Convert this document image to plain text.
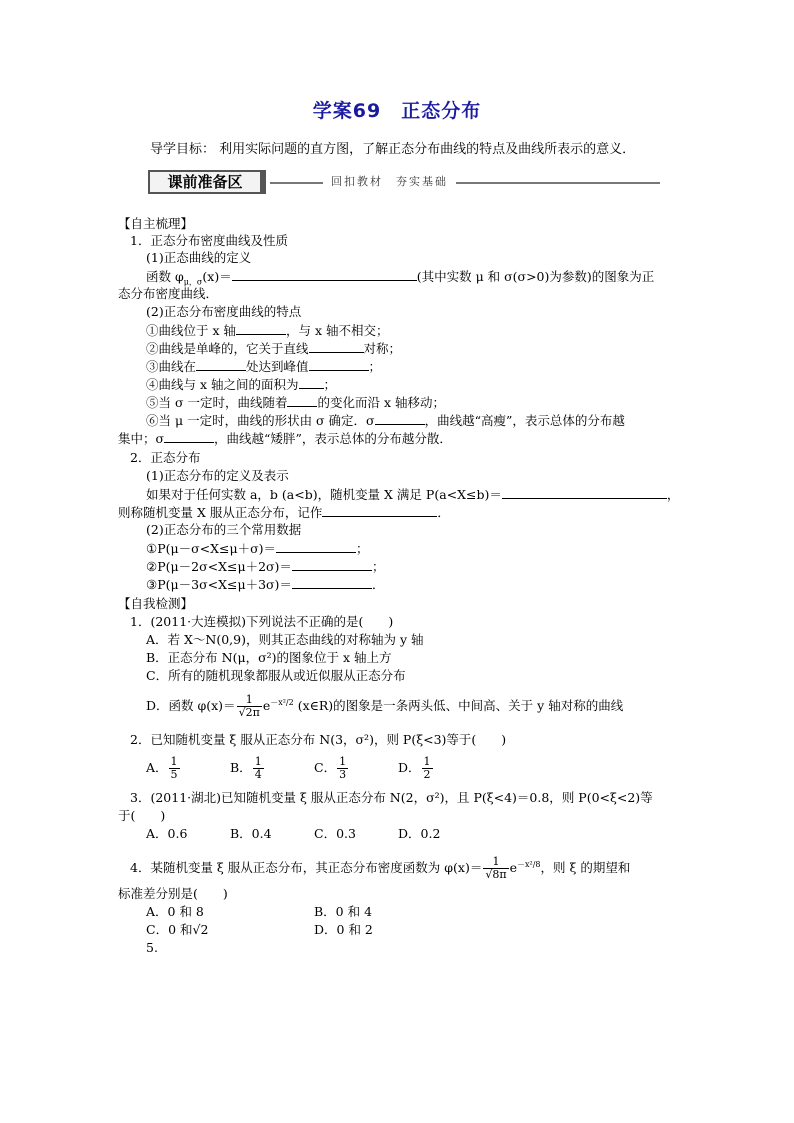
学案69　正态分布
导学目标： 利用实际问题的直方图，了解正态分布曲线的特点及曲线所表示的意义．
课前准备区	回扣教材　夯实基础
【自主梳理】
1．正态分布密度曲线及性质
(1)正态曲线的定义
函数 $\varphi_{\mu,\sigma}(x)=$	(其中实数 μ 和 σ(σ>0)为参数)的图象为正
态分布密度曲线．
(2)正态分布密度曲线的特点
①曲线位于 x 轴	，与 x 轴不相交；
②曲线是单峰的，它关于直线	对称；
③曲线在	处达到峰值	；
④曲线与 x 轴之间的面积为 ；
⑤当 σ 一定时，曲线随着 的变化而沿 x 轴移动；
⑥当 μ 一定时，曲线的形状由 σ 确定．σ	，曲线越“高瘦”，表示总体的分布越
集中；σ	，曲线越“矮胖”，表示总体的分布越分散．
2．正态分布
(1)正态分布的定义及表示
如果对于任何实数 a，b (a<b)，随机变量 X 满足 P(a<X≤b)＝	，
则称随机变量 X 服从正态分布，记作	．
(2)正态分布的三个常用数据
①P(μ－σ<X≤μ＋σ)＝	；
②P(μ－2σ<X≤μ＋2σ)＝	；
③P(μ－3σ<X≤μ＋3σ)＝	．
【自我检测】
1．(2011·大连模拟)下列说法不正确的是(　　)
A．若 X～N(0,9)，则其正态曲线的对称轴为 y 轴
B．正态分布 N(μ，σ²)的图象位于 x 轴上方
C．所有的随机现象都服从或近似服从正态分布
D．函数 $\varphi(x)= \frac{1}{√2\pi} e^{-x^2/2}$ (x∈R)的图象是一条两头低、中间高、关于 y 轴对称的曲线
2．已知随机变量 ξ 服从正态分布 N(3，σ²)，则 P(ξ<3)等于(　　)
A． $\frac{1}{5}$	B． $\frac{1}{4}$	C． $\frac{1}{3}$	D． $\frac{1}{2}$
3．(2011·湖北)已知随机变量 ξ 服从正态分布 N(2，σ²)，且 P(ξ<4)＝0.8，则 P(0<ξ<2)等
于(　　)
A．0.6	B．0.4	C．0.3	D．0.2
4．某随机变量 ξ 服从正态分布，其正态分布密度函数为 $\varphi(x)= \frac{1}{√8\pi} e^{-x^2/8}$，则 ξ 的期望和
标准差分别是(　　)
A．0 和 8	B．0 和 4
C．0 和√2	D．0 和 2
5.
